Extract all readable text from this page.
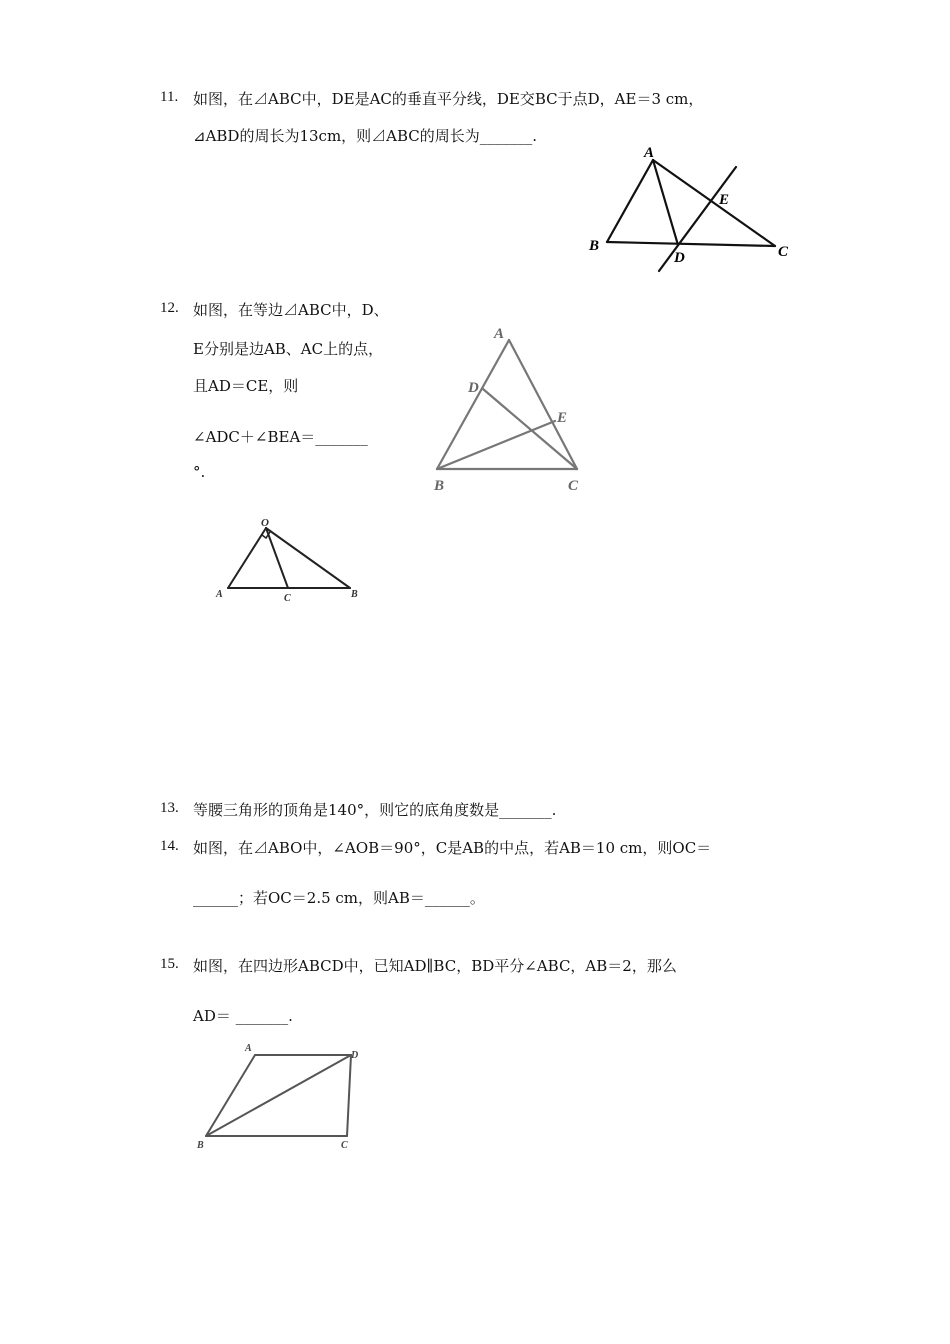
11. 如图，在⊿ABC中，DE是AC的垂直平分线，DE交BC于点D，AE＝3 cm，
⊿ABD的周长为13cm，则⊿ABC的周长为_______.
A
B	C
D
E
12. 如图，在等边⊿ABC中，D、
E分别是边AB、AC上的点，
且AD＝CE，则
∠ADC＋∠BEA＝_______
°.
A
B	C
D
E
O
A	C	B
13. 等腰三角形的顶角是140°，则它的底角度数是_______.
14. 如图，在⊿ABO中，∠AOB＝90°，C是AB的中点，若AB＝10 cm，则OC＝
______；若OC＝2.5 cm，则AB＝______。
15. 如图，在四边形ABCD中，已知AD∥BC，BD平分∠ABC，AB＝2，那么
AD＝ _______.
A
D
B	C
